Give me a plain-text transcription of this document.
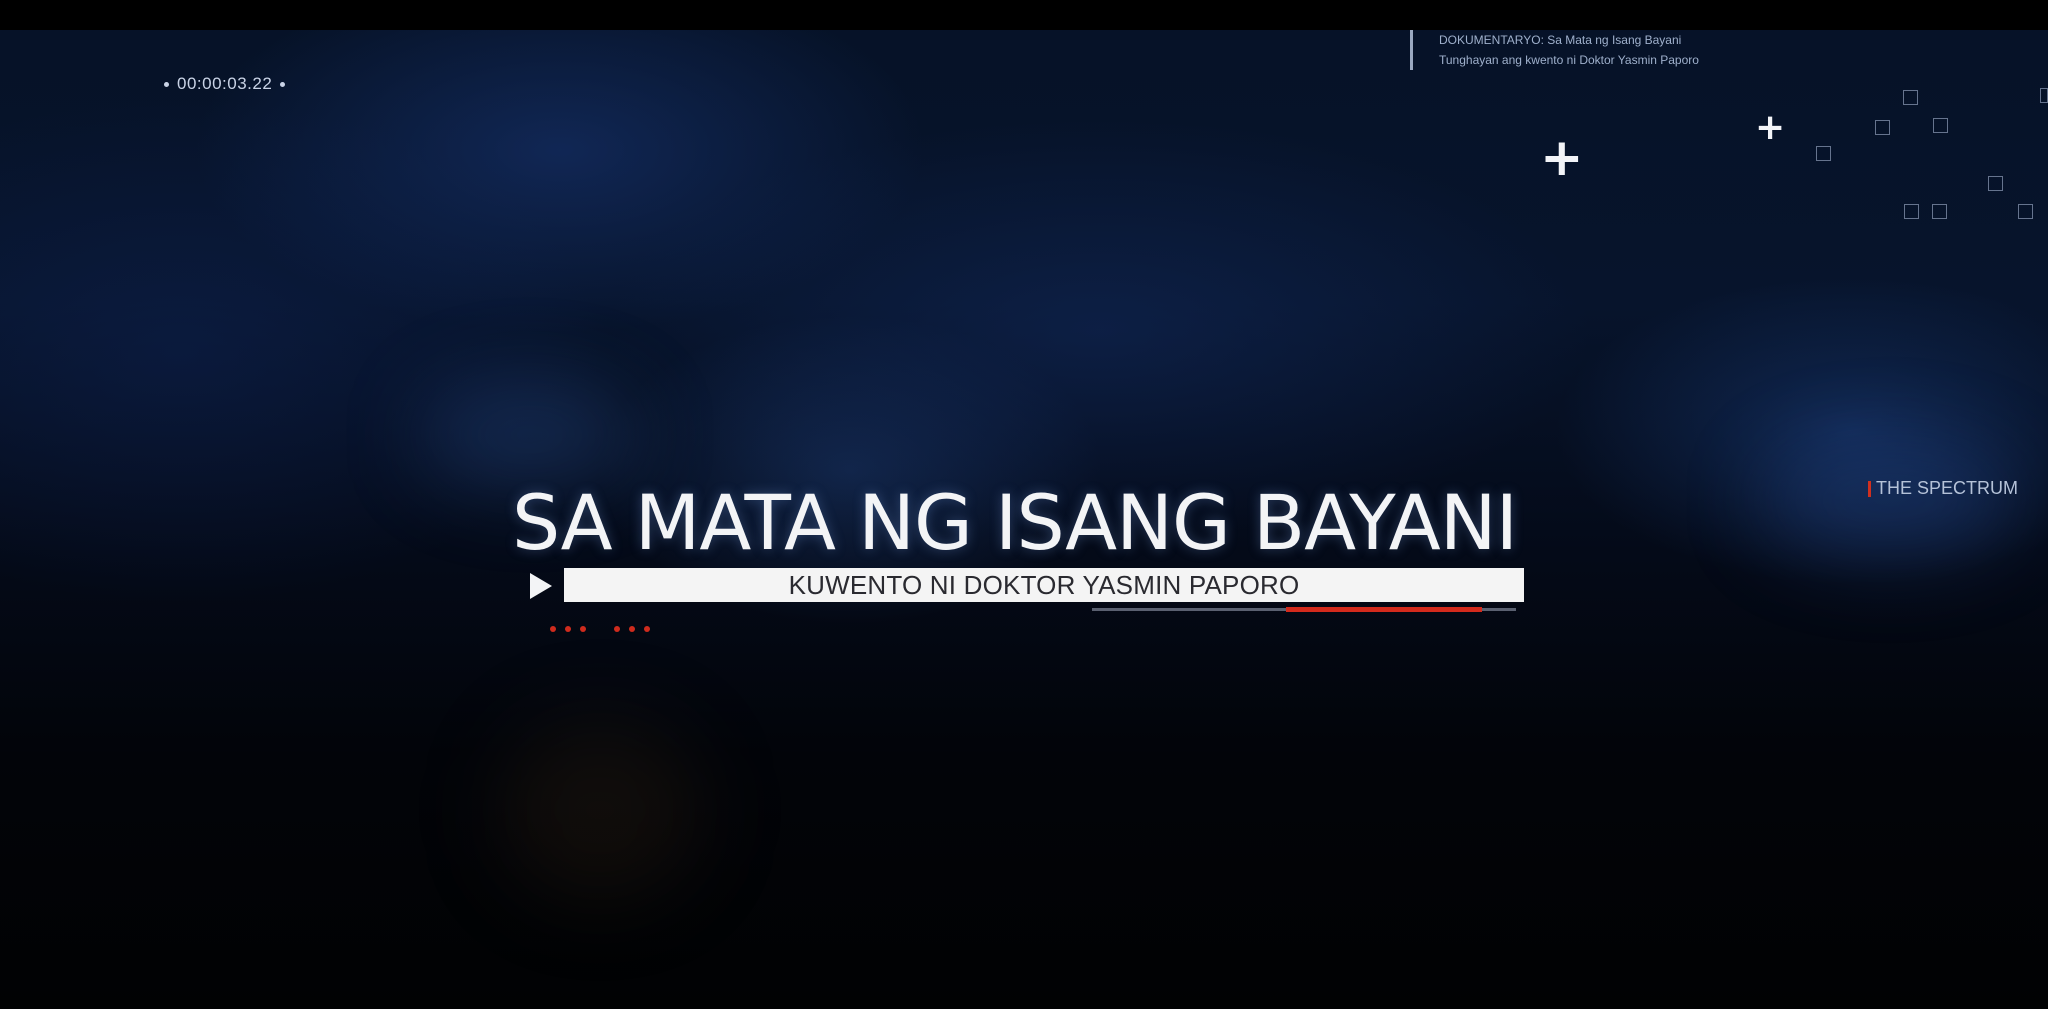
00:00:03.22
DOKUMENTARYO: Sa Mata ng Isang Bayani
Tunghayan ang kwento ni Doktor Yasmin Paporo
+
+
THE SPECTRUM
SA MATA NG ISANG BAYANI
KUWENTO NI DOKTOR YASMIN PAPORO
